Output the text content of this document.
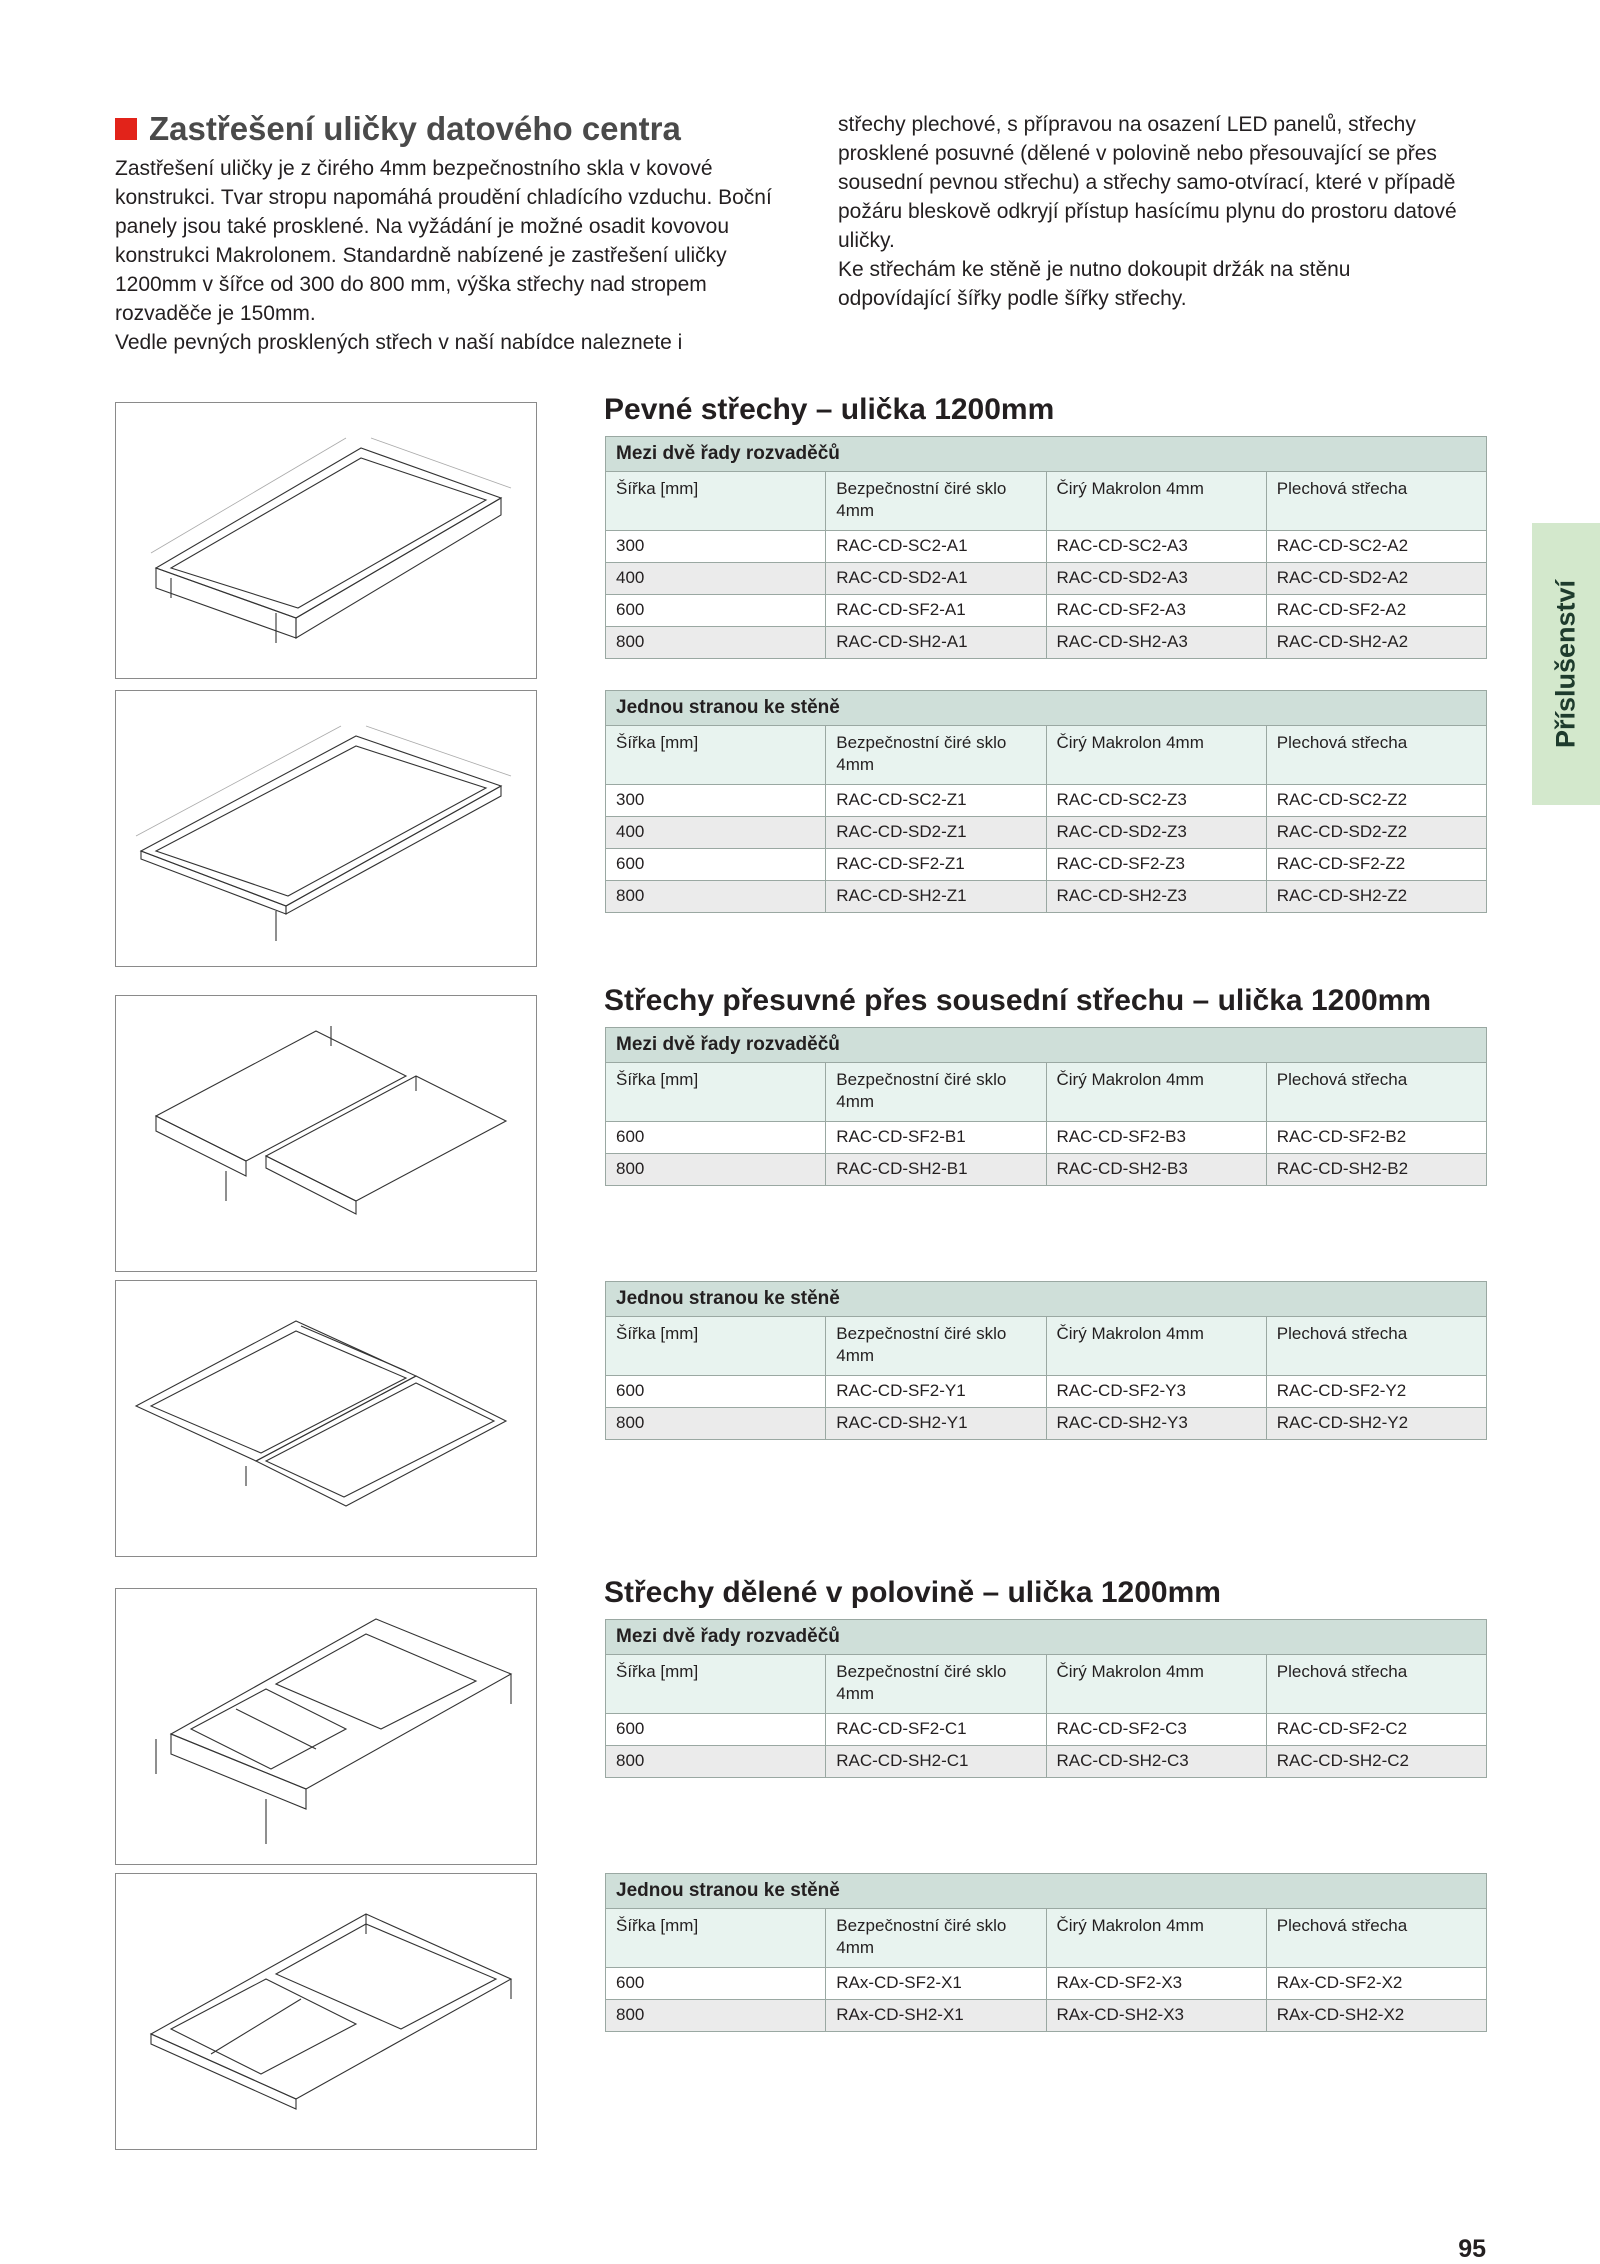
Zastřešení uličky datového centra

Zastřešení uličky je z čirého 4mm bezpečnostního skla v kovové konstrukci. Tvar stropu napomáhá proudění chladícího vzduchu. Boční panely jsou také prosklené. Na vyžádání je možné osadit kovovou konstrukci Makrolonem. Standardně nabízené je zastřešení uličky 1200mm v šířce od 300 do 800 mm, výška střechy nad stropem rozvaděče je 150mm.

Vedle pevných prosklených střech v naší nabídce naleznete i

střechy plechové, s přípravou na osazení LED panelů, střechy prosklené posuvné (dělené v polovině nebo přesouvající se přes sousední pevnou střechu) a střechy samo-otvírací, které v případě požáru bleskově odkryjí přístup hasícímu plynu do prostoru datové uličky.

Ke střechám ke stěně je nutno dokoupit držák na stěnu odpovídající šířky podle šířky střechy.

Příslušenství
Pevné střechy – ulička 1200mm
Střechy přesuvné přes sousední střechu – ulička 1200mm
Střechy dělené v polovině – ulička 1200mm
Mezi dvě řady rozvaděčů			
Šířka [mm]	Bezpečnostní čiré sklo 4mm	Čirý Makrolon 4mm	Plechová střecha
300	RAC-CD-SC2-A1	RAC-CD-SC2-A3	RAC-CD-SC2-A2
400	RAC-CD-SD2-A1	RAC-CD-SD2-A3	RAC-CD-SD2-A2
600	RAC-CD-SF2-A1	RAC-CD-SF2-A3	RAC-CD-SF2-A2
800	RAC-CD-SH2-A1	RAC-CD-SH2-A3	RAC-CD-SH2-A2
Jednou stranou ke stěně			
Šířka [mm]	Bezpečnostní čiré sklo 4mm	Čirý Makrolon 4mm	Plechová střecha
300	RAC-CD-SC2-Z1	RAC-CD-SC2-Z3	RAC-CD-SC2-Z2
400	RAC-CD-SD2-Z1	RAC-CD-SD2-Z3	RAC-CD-SD2-Z2
600	RAC-CD-SF2-Z1	RAC-CD-SF2-Z3	RAC-CD-SF2-Z2
800	RAC-CD-SH2-Z1	RAC-CD-SH2-Z3	RAC-CD-SH2-Z2
Mezi dvě řady rozvaděčů			
Šířka [mm]	Bezpečnostní čiré sklo 4mm	Čirý Makrolon 4mm	Plechová střecha
600	RAC-CD-SF2-B1	RAC-CD-SF2-B3	RAC-CD-SF2-B2
800	RAC-CD-SH2-B1	RAC-CD-SH2-B3	RAC-CD-SH2-B2
Jednou stranou ke stěně			
Šířka [mm]	Bezpečnostní čiré sklo 4mm	Čirý Makrolon 4mm	Plechová střecha
600	RAC-CD-SF2-Y1	RAC-CD-SF2-Y3	RAC-CD-SF2-Y2
800	RAC-CD-SH2-Y1	RAC-CD-SH2-Y3	RAC-CD-SH2-Y2
Mezi dvě řady rozvaděčů			
Šířka [mm]	Bezpečnostní čiré sklo 4mm	Čirý Makrolon 4mm	Plechová střecha
600	RAC-CD-SF2-C1	RAC-CD-SF2-C3	RAC-CD-SF2-C2
800	RAC-CD-SH2-C1	RAC-CD-SH2-C3	RAC-CD-SH2-C2
Jednou stranou ke stěně			
Šířka [mm]	Bezpečnostní čiré sklo 4mm	Čirý Makrolon 4mm	Plechová střecha
600	RAx-CD-SF2-X1	RAx-CD-SF2-X3	RAx-CD-SF2-X2
800	RAx-CD-SH2-X1	RAx-CD-SH2-X3	RAx-CD-SH2-X2
95
